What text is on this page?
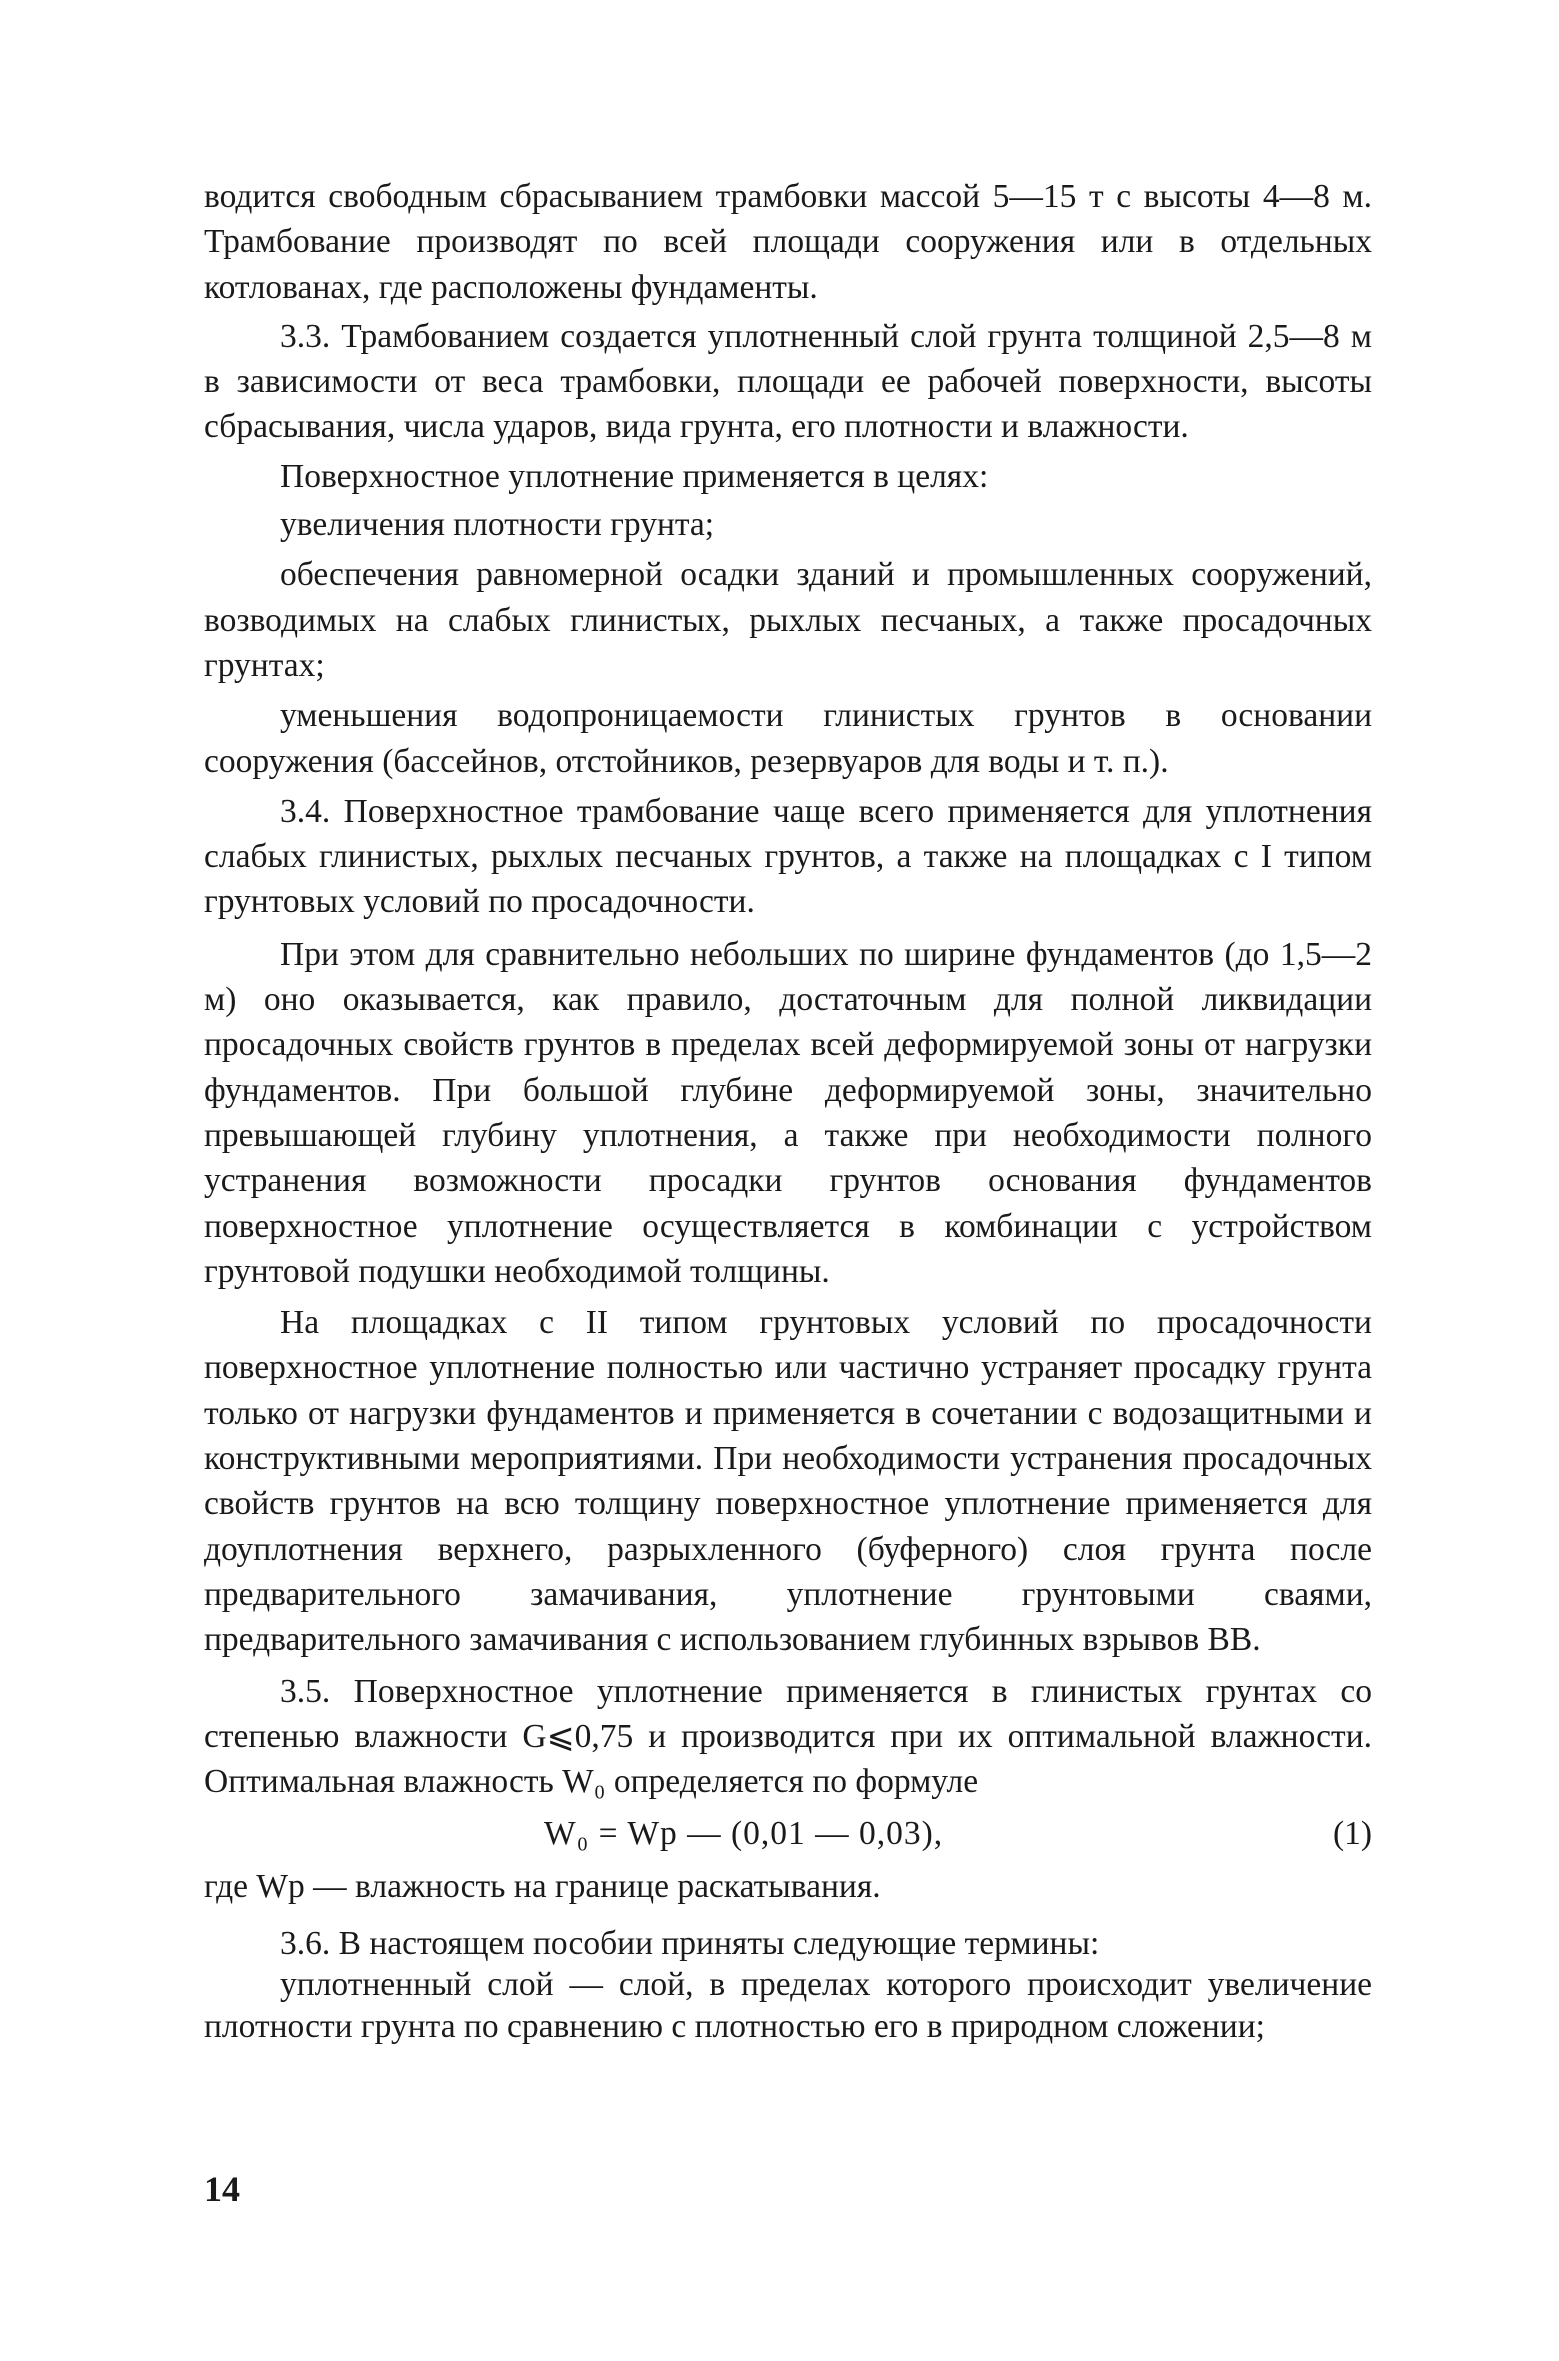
водится свободным сбрасыванием трамбовки массой 5—15 т с высоты 4—8 м. Трамбование производят по всей площади сооружения или в отдельных котлованах, где расположены фундаменты.

3.3. Трамбованием создается уплотненный слой грунта толщиной 2,5—8 м в зависимости от веса трамбовки, площади ее рабочей поверхности, высоты сбрасывания, числа ударов, вида грунта, его плотности и влажности.

Поверхностное уплотнение применяется в целях:

увеличения плотности грунта;

обеспечения равномерной осадки зданий и промышленных сооружений, возводимых на слабых глинистых, рыхлых песчаных, а также просадочных грунтах;

уменьшения водопроницаемости глинистых грунтов в основании сооружения (бассейнов, отстойников, резервуаров для воды и т. п.).

3.4. Поверхностное трамбование чаще всего применяется для уплотнения слабых глинистых, рыхлых песчаных грунтов, а также на площадках с I типом грунтовых условий по просадочности.

При этом для сравнительно небольших по ширине фундаментов (до 1,5—2 м) оно оказывается, как правило, достаточным для полной ликвидации просадочных свойств грунтов в пределах всей деформируемой зоны от нагрузки фундаментов. При большой глубине деформируемой зоны, значительно превышающей глубину уплотнения, а также при необходимости полного устранения возможности просадки грунтов основания фундаментов поверхностное уплотнение осуществляется в комбинации с устройством грунтовой подушки необходимой толщины.

На площадках с II типом грунтовых условий по просадочности поверхностное уплотнение полностью или частично устраняет просадку грунта только от нагрузки фундаментов и применяется в сочетании с водозащитными и конструктивными мероприятиями. При необходимости устранения просадочных свойств грунтов на всю толщину поверхностное уплотнение применяется для доуплотнения верхнего, разрыхленного (буферного) слоя грунта после предварительного замачивания, уплотнение грунтовыми сваями, предварительного замачивания с использованием глубинных взрывов ВВ.

3.5. Поверхностное уплотнение применяется в глинистых грунтах со степенью влажности G⩽0,75 и производится при их оптимальной влажности. Оптимальная влажность W₀ определяется по формуле

W₀ = Wp — (0,01 — 0,03),	(1)

где Wp — влажность на границе раскатывания.

3.6. В настоящем пособии приняты следующие термины:

уплотненный слой — слой, в пределах которого происходит увеличение плотности грунта по сравнению с плотностью его в природном сложении;

14
